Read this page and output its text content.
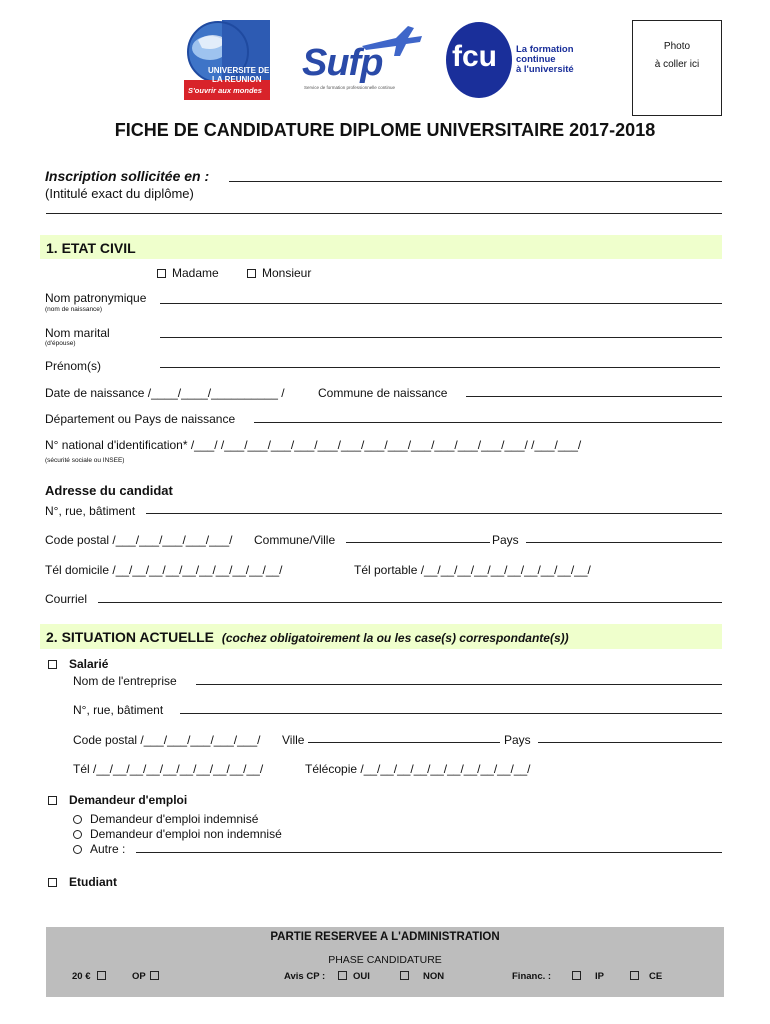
UNIVERSITE DE
LA REUNION
S'ouvrir aux mondes
Sufp
Service de formation professionnelle continue
fcu La formation
continue
à l'université
Photo
à coller ici
FICHE DE CANDIDATURE DIPLOME UNIVERSITAIRE 2017-2018
Inscription sollicitée en :
(Intitulé exact du diplôme)
1. ETAT CIVIL
Madame	Monsieur
Nom patronymique
(nom de naissance)
Nom marital
(d'épouse)
Prénom(s)
Date de naissance /____/____/__________ /	Commune de naissance
Département ou Pays de naissance
N° national d'identification* /___/ /___/___/___/___/___/___/___/___/___/___/___/___/___/ /___/___/
(sécurité sociale ou INSEE)
Adresse du candidat
N°, rue, bâtiment
Code postal /___/___/___/___/___/ Commune/Ville	Pays
Tél domicile /__/__/__/__/__/__/__/__/__/__/	Tél portable /__/__/__/__/__/__/__/__/__/__/
Courriel
2. SITUATION ACTUELLE (cochez obligatoirement la ou les case(s) correspondante(s))
Salarié
Nom de l'entreprise
N°, rue, bâtiment
Code postal /___/___/___/___/___/ Ville	Pays
Tél /__/__/__/__/__/__/__/__/__/__/	Télécopie /__/__/__/__/__/__/__/__/__/__/
Demandeur d'emploi
Demandeur d'emploi indemnisé
Demandeur d'emploi non indemnisé
Autre :
Etudiant
PARTIE RESERVEE A L'ADMINISTRATION
PHASE CANDIDATURE
20 €	OP	Avis CP :	OUI	NON	Financ. :	IP	CE
